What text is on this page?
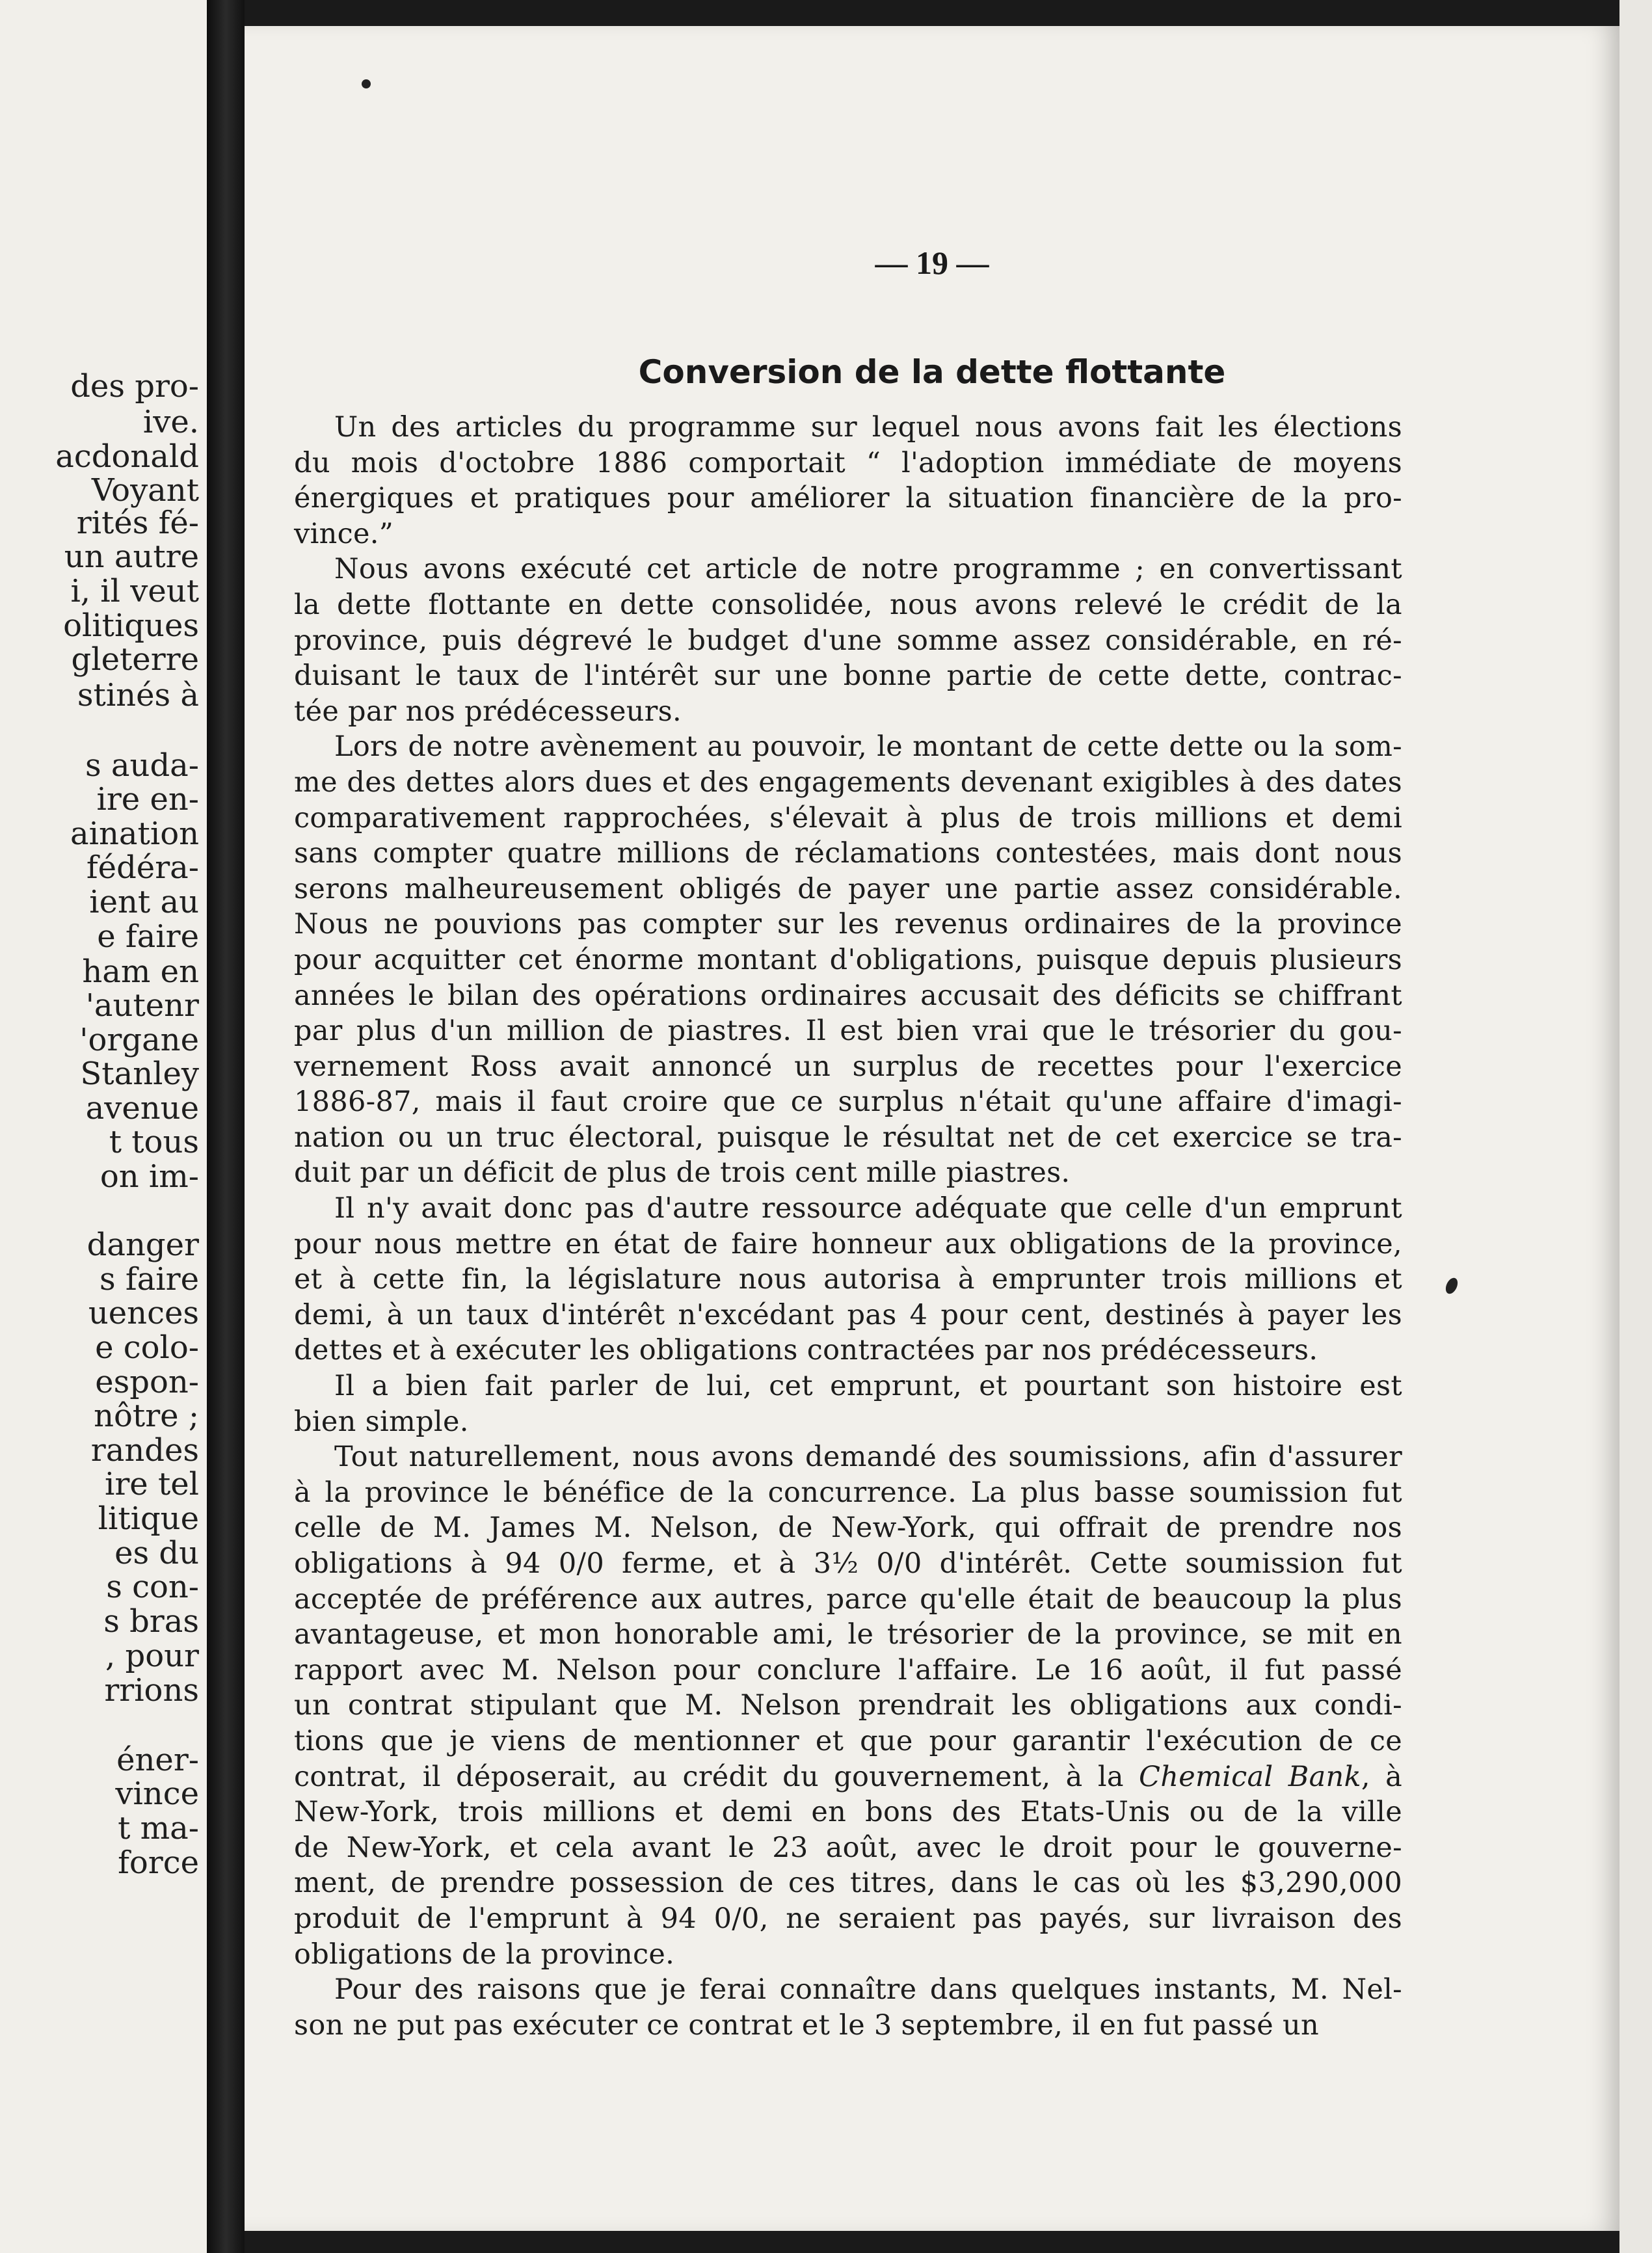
des pro-
ive.
acdonald
Voyant
rités fé-
un autre
i, il veut
olitiques
gleterre
stinés à
s auda-
ire en-
aination
fédéra-
ient au
e faire
ham en
'autenr
'organe
Stanley
avenue
t tous
on im-
danger
s faire
uences
e colo-
espon-
nôtre ;
randes
ire tel
litique
es du
s con-
s bras
, pour
rrions
éner-
vince
t ma-
force
— 19 —
Conversion de la dette flottante
Un des articles du programme sur lequel nous avons fait les élections
du mois d'octobre 1886 comportait “ l'adoption immédiate de moyens
énergiques et pratiques pour améliorer la situation financière de la pro-
vince.”
Nous avons exécuté cet article de notre programme ; en convertissant
la dette flottante en dette consolidée, nous avons relevé le crédit de la
province, puis dégrevé le budget d'une somme assez considérable, en ré-
duisant le taux de l'intérêt sur une bonne partie de cette dette, contrac-
tée par nos prédécesseurs.
Lors de notre avènement au pouvoir, le montant de cette dette ou la som-
me des dettes alors dues et des engagements devenant exigibles à des dates
comparativement rapprochées, s'élevait à plus de trois millions et demi
sans compter quatre millions de réclamations contestées, mais dont nous
serons malheureusement obligés de payer une partie assez considérable.
Nous ne pouvions pas compter sur les revenus ordinaires de la province
pour acquitter cet énorme montant d'obligations, puisque depuis plusieurs
années le bilan des opérations ordinaires accusait des déficits se chiffrant
par plus d'un million de piastres. Il est bien vrai que le trésorier du gou-
vernement Ross avait annoncé un surplus de recettes pour l'exercice
1886-87, mais il faut croire que ce surplus n'était qu'une affaire d'imagi-
nation ou un truc électoral, puisque le résultat net de cet exercice se tra-
duit par un déficit de plus de trois cent mille piastres.
Il n'y avait donc pas d'autre ressource adéquate que celle d'un emprunt
pour nous mettre en état de faire honneur aux obligations de la province,
et à cette fin, la législature nous autorisa à emprunter trois millions et
demi, à un taux d'intérêt n'excédant pas 4 pour cent, destinés à payer les
dettes et à exécuter les obligations contractées par nos prédécesseurs.
Il a bien fait parler de lui, cet emprunt, et pourtant son histoire est
bien simple.
Tout naturellement, nous avons demandé des soumissions, afin d'assurer
à la province le bénéfice de la concurrence. La plus basse soumission fut
celle de M. James M. Nelson, de New-York, qui offrait de prendre nos
obligations à 94 0/0 ferme, et à 3½ 0/0 d'intérêt. Cette soumission fut
acceptée de préférence aux autres, parce qu'elle était de beaucoup la plus
avantageuse, et mon honorable ami, le trésorier de la province, se mit en
rapport avec M. Nelson pour conclure l'affaire. Le 16 août, il fut passé
un contrat stipulant que M. Nelson prendrait les obligations aux condi-
tions que je viens de mentionner et que pour garantir l'exécution de ce
contrat, il déposerait, au crédit du gouvernement, à la Chemical Bank, à
New-York, trois millions et demi en bons des Etats-Unis ou de la ville
de New-York, et cela avant le 23 août, avec le droit pour le gouverne-
ment, de prendre possession de ces titres, dans le cas où les $3,290,000
produit de l'emprunt à 94 0/0, ne seraient pas payés, sur livraison des
obligations de la province.
Pour des raisons que je ferai connaître dans quelques instants, M. Nel-
son ne put pas exécuter ce contrat et le 3 septembre, il en fut passé un
